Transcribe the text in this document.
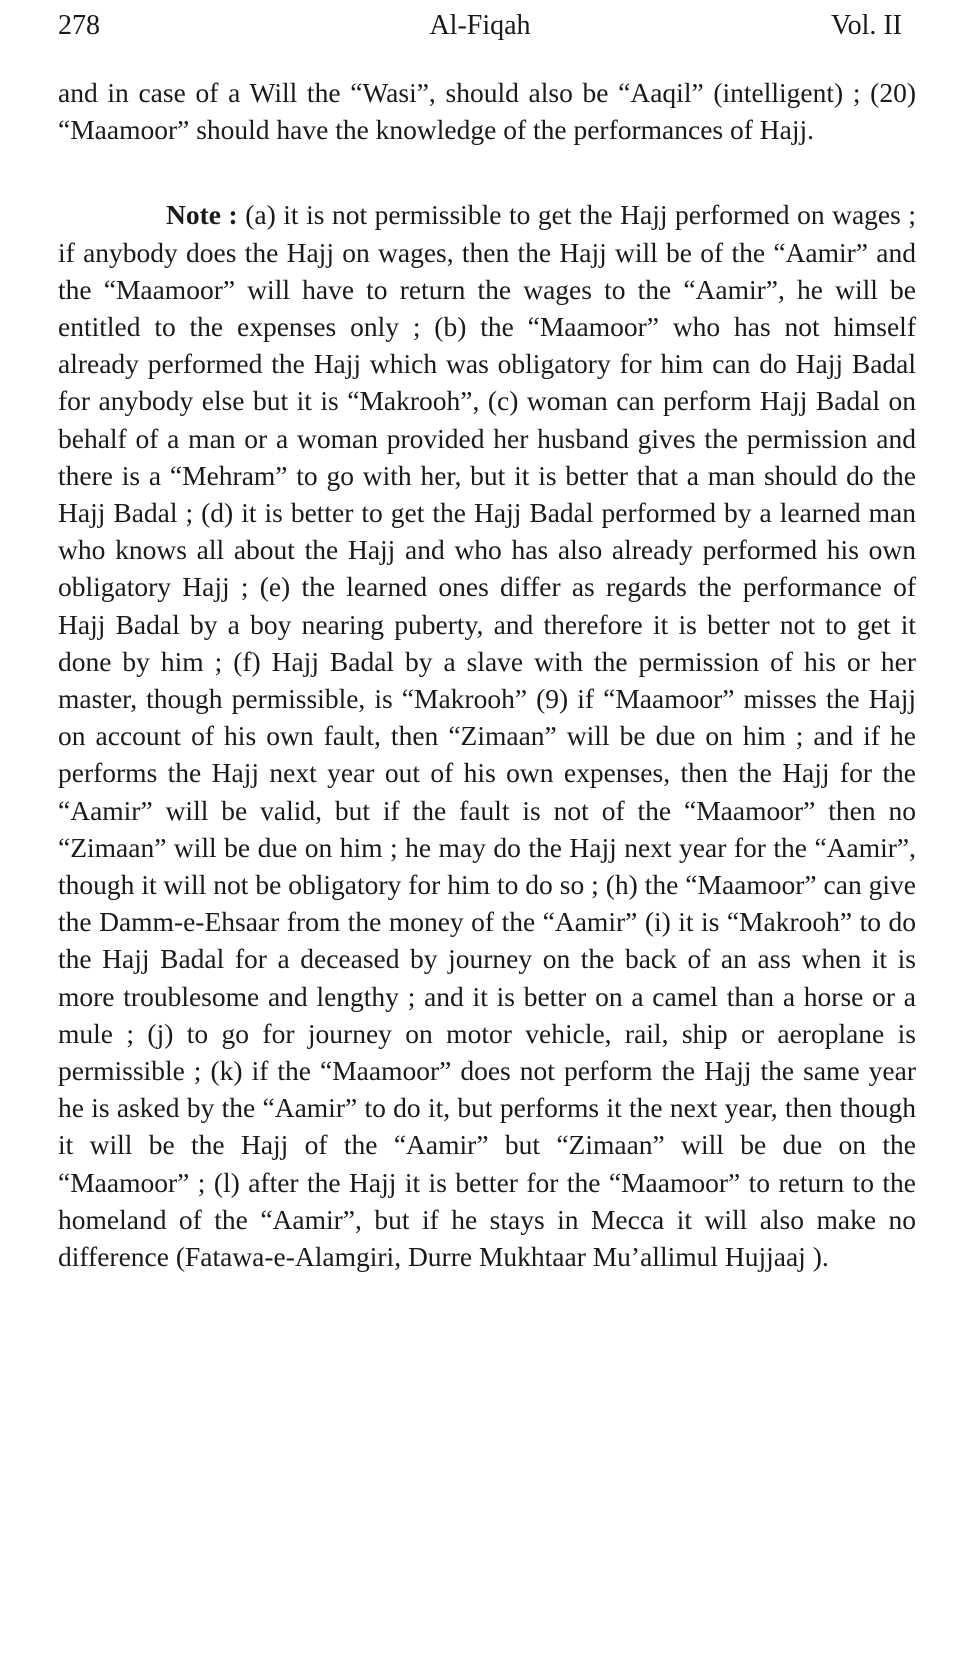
278	Al-Fiqah	Vol. II

and in case of a Will the “Wasi”, should also be “Aaqil” (intelligent) ; (20) “Maamoor” should have the knowledge of the performances of Hajj.

Note : (a) it is not permissible to get the Hajj performed on wages ; if anybody does the Hajj on wages, then the Hajj will be of the “Aamir” and the “Maamoor” will have to return the wages to the “Aamir”, he will be entitled to the expenses only ; (b) the “Maamoor” who has not himself already performed the Hajj which was obligatory for him can do Hajj Badal for anybody else but it is “Makrooh”, (c) woman can perform Hajj Badal on behalf of a man or a woman provided her husband gives the permission and there is a “Mehram” to go with her, but it is better that a man should do the Hajj Badal ; (d) it is better to get the Hajj Badal performed by a learned man who knows all about the Hajj and who has also already performed his own obligatory Hajj ; (e) the learned ones differ as regards the performance of Hajj Badal by a boy nearing puberty, and therefore it is better not to get it done by him ; (f) Hajj Badal by a slave with the permission of his or her master, though permissible, is “Makrooh” (9) if “Maamoor” misses the Hajj on account of his own fault, then “Zimaan” will be due on him ; and if he performs the Hajj next year out of his own expenses, then the Hajj for the “Aamir” will be valid, but if the fault is not of the “Maamoor” then no “Zimaan” will be due on him ; he may do the Hajj next year for the “Aamir”, though it will not be obligatory for him to do so ; (h) the “Maamoor” can give the Damm-e-Ehsaar from the money of the “Aamir” (i) it is “Makrooh” to do the Hajj Badal for a deceased by journey on the back of an ass when it is more troublesome and lengthy ; and it is better on a camel than a horse or a mule ; (j) to go for journey on motor vehicle, rail, ship or aeroplane is permissible ; (k) if the “Maamoor” does not perform the Hajj the same year he is asked by the “Aamir” to do it, but performs it the next year, then though it will be the Hajj of the “Aamir” but “Zimaan” will be due on the “Maamoor” ; (l) after the Hajj it is better for the “Maamoor” to return to the homeland of the “Aamir”, but if he stays in Mecca it will also make no difference (Fatawa-e-Alamgiri, Durre Mukhtaar Mu’allimul Hujjaaj ).
